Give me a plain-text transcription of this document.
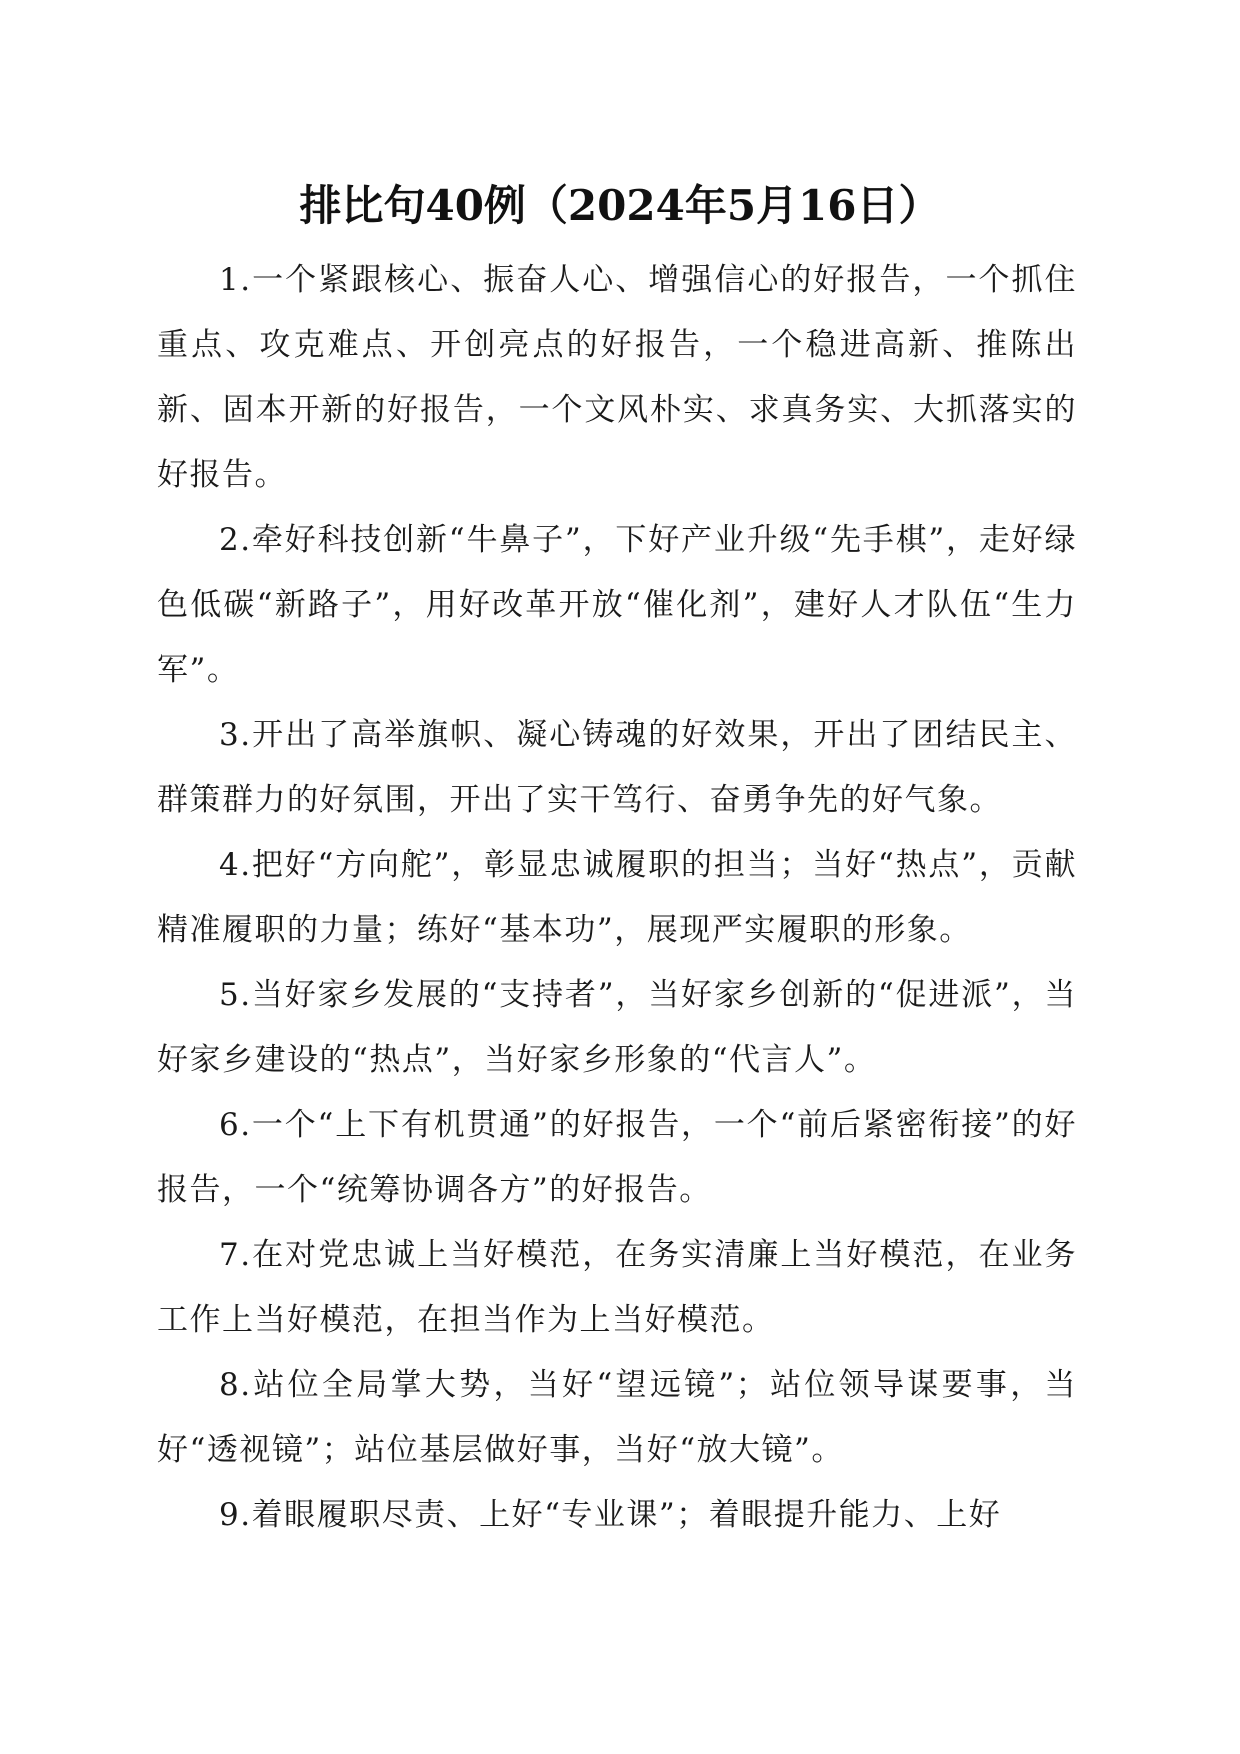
排比句40例（2024年5月16日）

1.一个紧跟核心、振奋人心、增强信心的好报告，一个抓住重点、攻克难点、开创亮点的好报告，一个稳进高新、推陈出新、固本开新的好报告，一个文风朴实、求真务实、大抓落实的好报告。

2.牵好科技创新“牛鼻子”，下好产业升级“先手棋”，走好绿色低碳“新路子”，用好改革开放“催化剂”，建好人才队伍“生力军”。

3.开出了高举旗帜、凝心铸魂的好效果，开出了团结民主、群策群力的好氛围，开出了实干笃行、奋勇争先的好气象。

4.把好“方向舵”，彰显忠诚履职的担当；当好“热点”，贡献精准履职的力量；练好“基本功”，展现严实履职的形象。

5.当好家乡发展的“支持者”，当好家乡创新的“促进派”，当好家乡建设的“热点”，当好家乡形象的“代言人”。

6.一个“上下有机贯通”的好报告，一个“前后紧密衔接”的好报告，一个“统筹协调各方”的好报告。

7.在对党忠诚上当好模范，在务实清廉上当好模范，在业务工作上当好模范，在担当作为上当好模范。

8.站位全局掌大势，当好“望远镜”；站位领导谋要事，当好“透视镜”；站位基层做好事，当好“放大镜”。

9.着眼履职尽责、上好“专业课”；着眼提升能力、上好
